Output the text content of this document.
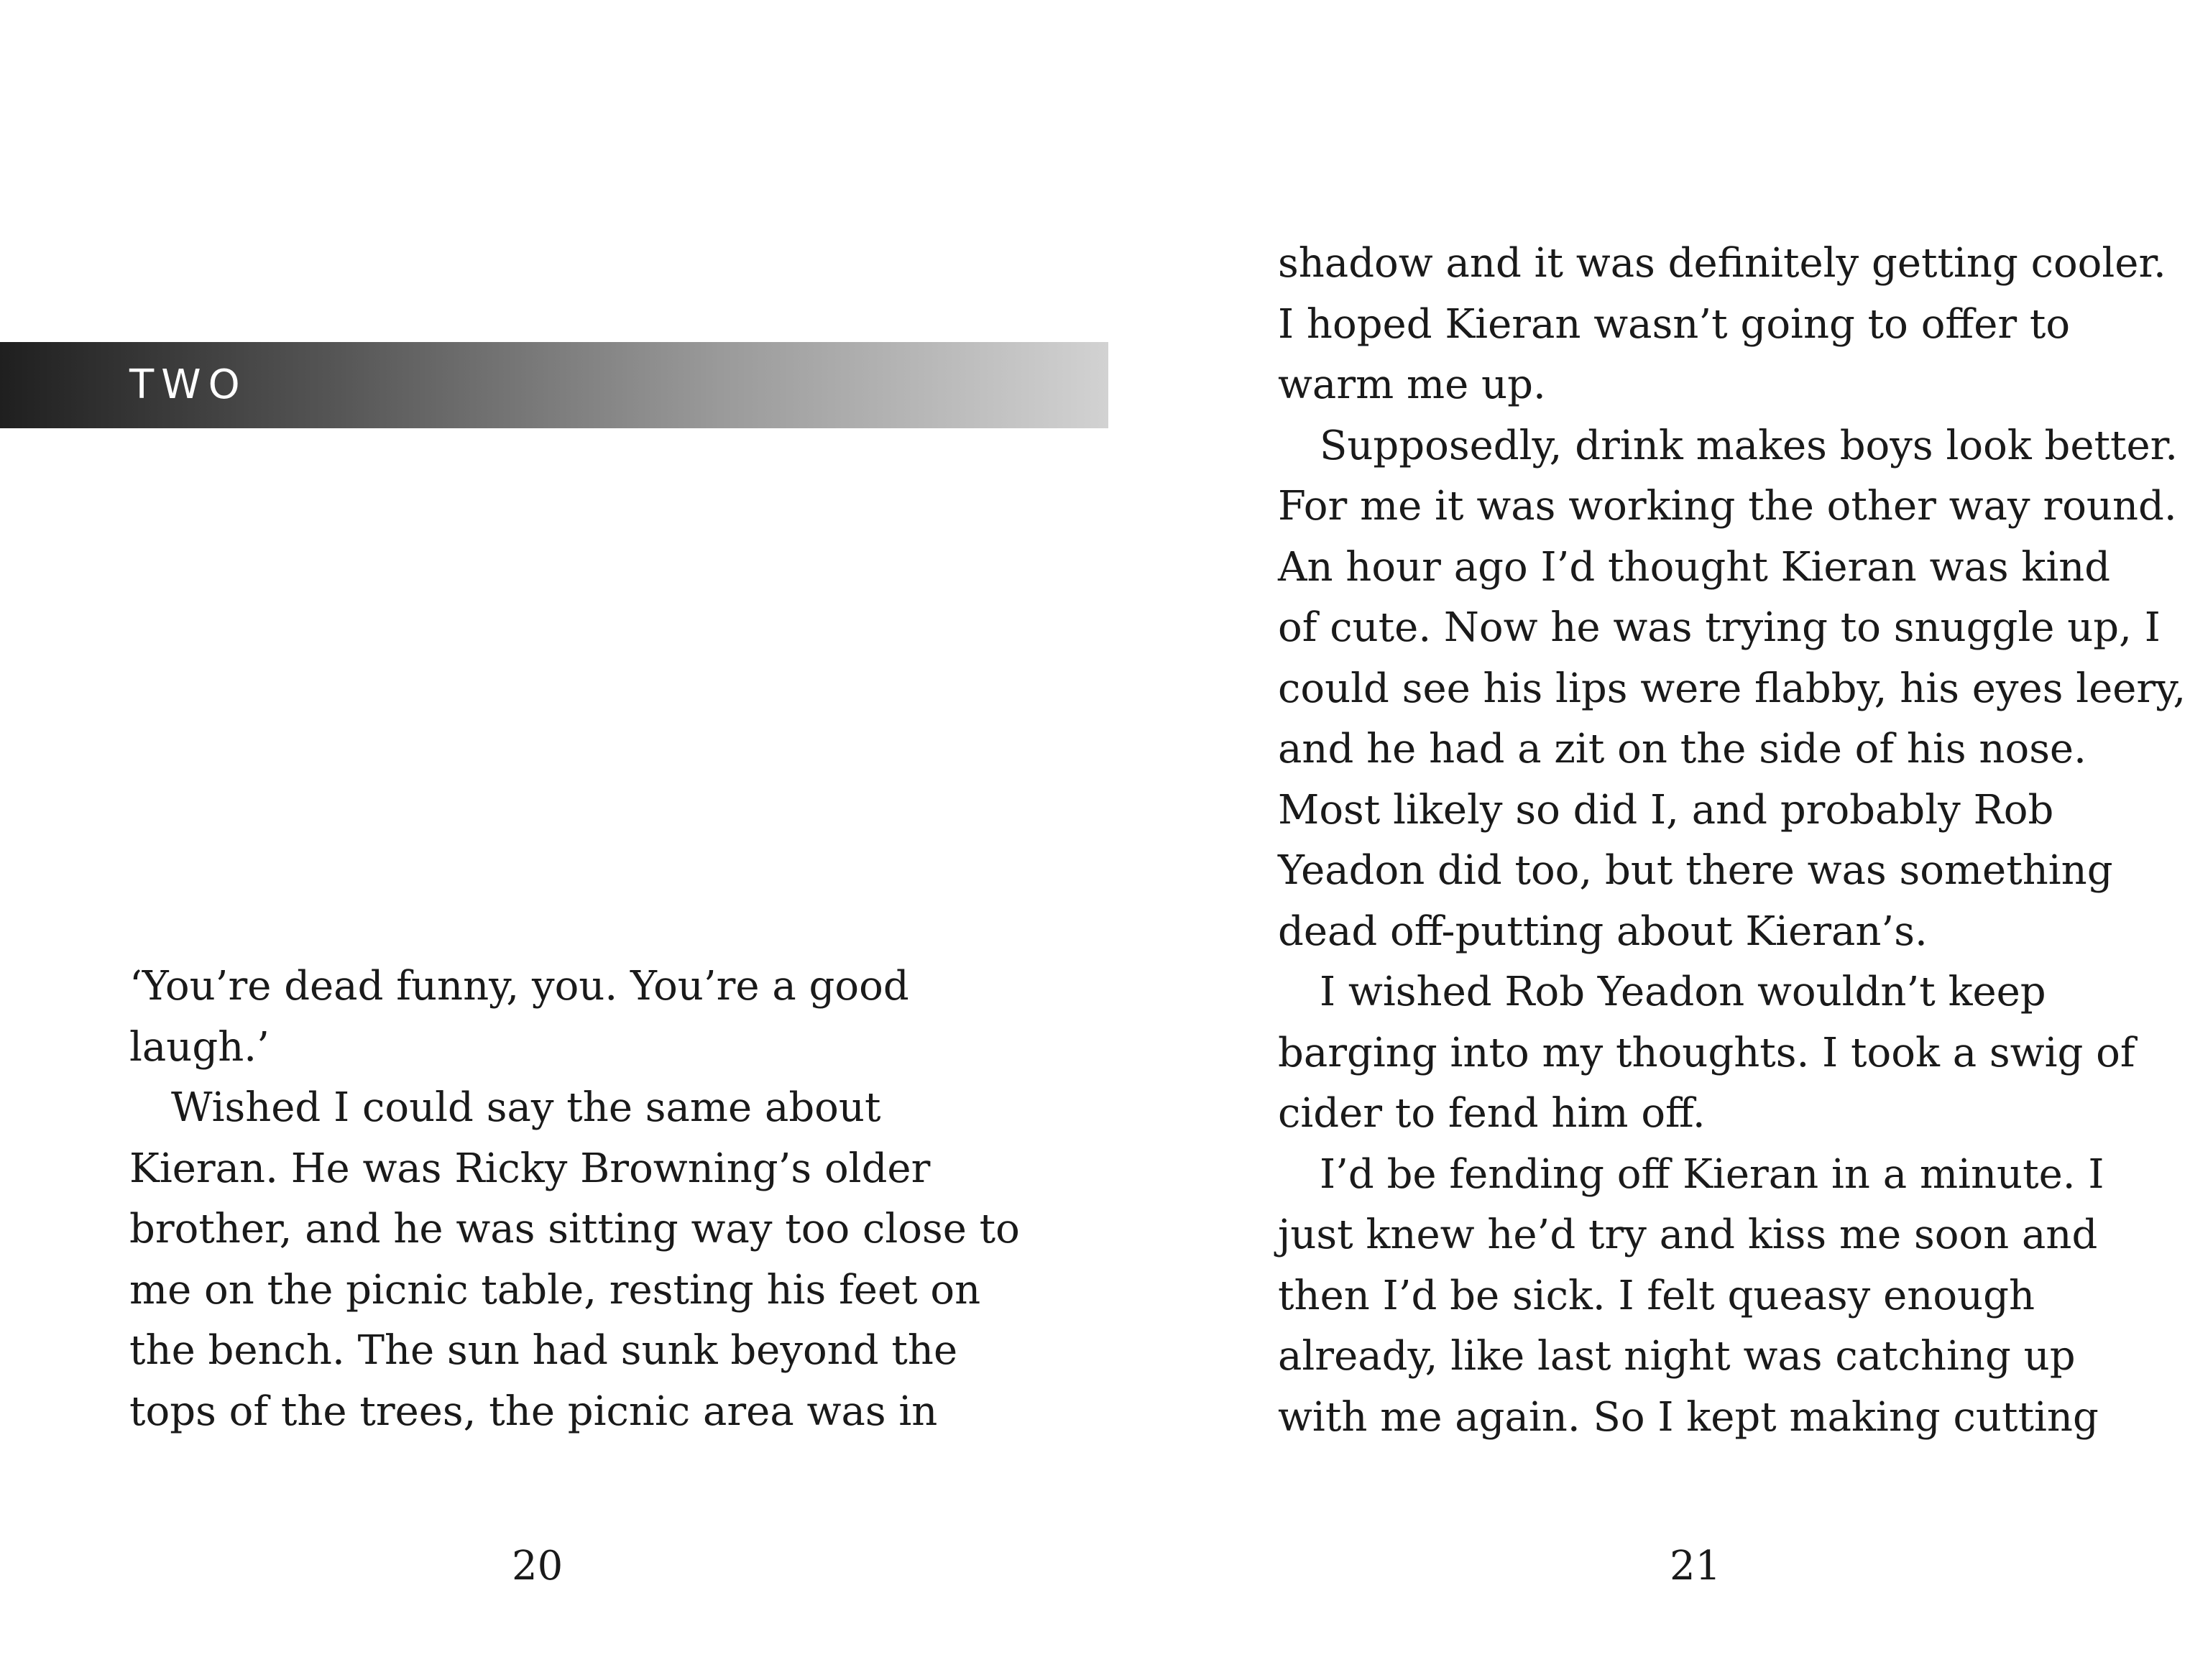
TWO
‘You’re dead funny, you. You’re a good
laugh.’
Wished I could say the same about
Kieran. He was Ricky Browning’s older
brother, and he was sitting way too close to
me on the picnic table, resting his feet on
the bench. The sun had sunk beyond the
tops of the trees, the picnic area was in
20
shadow and it was definitely getting cooler.
I hoped Kieran wasn’t going to offer to
warm me up.
Supposedly, drink makes boys look better.
For me it was working the other way round.
An hour ago I’d thought Kieran was kind
of cute. Now he was trying to snuggle up, I
could see his lips were flabby, his eyes leery,
and he had a zit on the side of his nose.
Most likely so did I, and probably Rob
Yeadon did too, but there was something
dead off-putting about Kieran’s.
I wished Rob Yeadon wouldn’t keep
barging into my thoughts. I took a swig of
cider to fend him off.
I’d be fending off Kieran in a minute. I
just knew he’d try and kiss me soon and
then I’d be sick. I felt queasy enough
already, like last night was catching up
with me again. So I kept making cutting
21
